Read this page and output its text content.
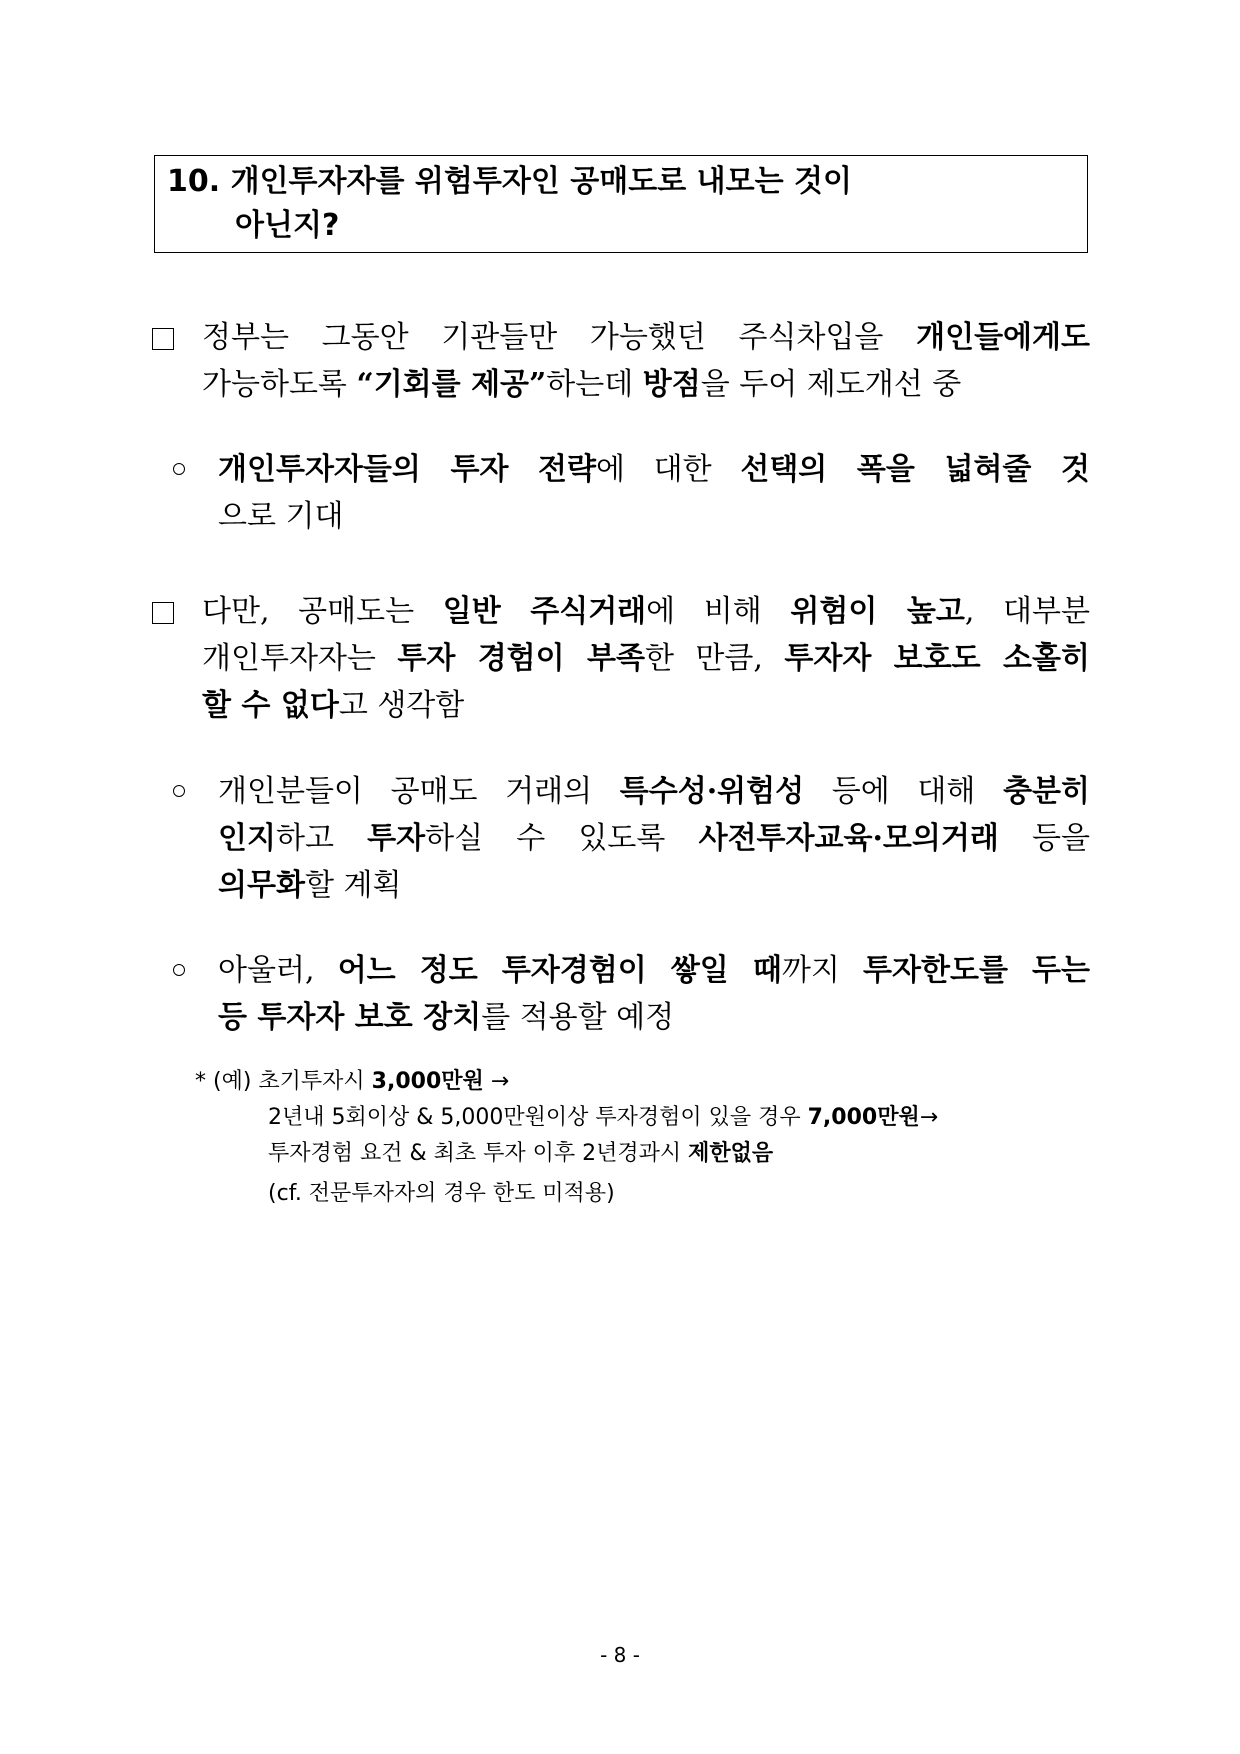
10. 개인투자자를 위험투자인 공매도로 내모는 것이
아닌지?
정부는 그동안 기관들만 가능했던 주식차입을 개인들에게도
가능하도록 “기회를 제공”하는데 방점을 두어 제도개선 중
개인투자자들의 투자 전략에 대한 선택의 폭을 넓혀줄 것
으로 기대
다만, 공매도는 일반 주식거래에 비해 위험이 높고, 대부분
개인투자자는 투자 경험이 부족한 만큼, 투자자 보호도 소홀히
할 수 없다고 생각함
개인분들이 공매도 거래의 특수성·위험성 등에 대해 충분히
인지하고 투자하실 수 있도록 사전투자교육·모의거래 등을
의무화할 계획
아울러, 어느 정도 투자경험이 쌓일 때까지 투자한도를 두는
등 투자자 보호 장치를 적용할 예정
* (예) 초기투자시 3,000만원 →
2년내 5회이상 & 5,000만원이상 투자경험이 있을 경우 7,000만원→
투자경험 요건 & 최초 투자 이후 2년경과시 제한없음
(cf. 전문투자자의 경우 한도 미적용)
- 8 -
